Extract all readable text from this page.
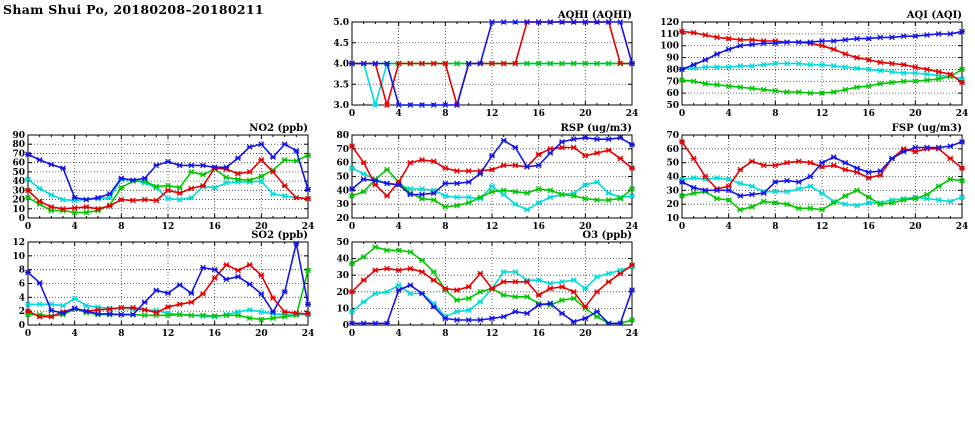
Sham Shui Po, 20180208–20180211
3.0
3.5
4.0
4.5
5.0
0	4	8	12	16	20	24
AQHI (AQHI)
50
60
70
80
90
100
110
120
0	4	8	12	16	20	24
AQI (AQI)
0
10
20
30
40
50
60
70
80
90
0	4	8	12	16	20	24
NO2 (ppb)
20
30
40
50
60
70
80
0	4	8	12	16	20	24
RSP (ug/m3)
10
20
30
40
50
60
70
0	4	8	12	16	20	24
FSP (ug/m3)
0
2
4
6
8
10
12
0	4	8	12	16	20	24
SO2 (ppb)
0
10
20
30
40
50
0	4	8	12	16	20	24
O3 (ppb)
